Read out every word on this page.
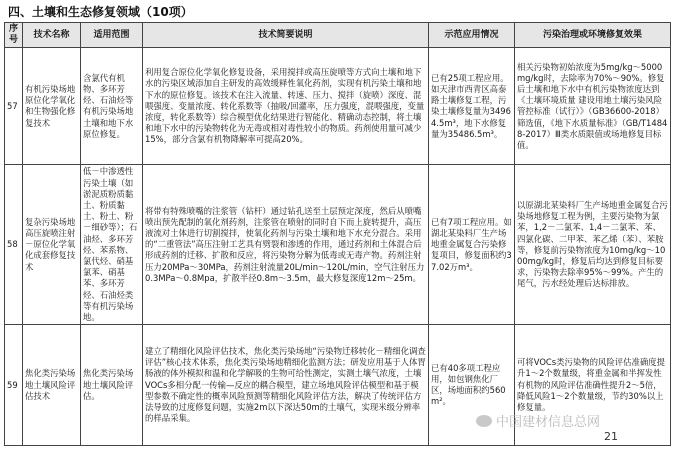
四、土壤和生态修复领域（10项）
序号	技术名称	适用范围	技术简要说明	示范应用情况	污染治理或环境修复效果
57	有机污染场地原位化学氧化和生物强化修复技术	含氯代有机物、多环芳烃、石油烃等有机污染场地土壤和地下水原位修复。	利用复合原位化学氧化修复设备，采用搅拌或高压旋喷等方式向土壤和地下水的污染区域添加自主研发的高效缓释性氧化药剂，实现有机污染土壤和地下水的原位修复。该技术在注入流量、转速、压力、搅拌（旋喷）深度、混喂强度、变量浓度、转化系数等（抽吸/回灌率，压力强度，混喂强度，变量浓度，转化系数等）综合模型优化结果进行智能化、精确动态控制，将土壤和地下水中的污染物转化为无毒或相对毒性较小的物质。药剂使用量可减少15%，部分含氯有机物降解率可提高20%。	已有25项工程应用。如天津市西青区高泰路土壤修复工程，污染土壤修复量为34964.5m³，地下水修复量为35486.5m³。	相关污染物初始浓度为5mg/kg～5000mg/kg时，去除率为70%～90%。修复后土壤和地下水中有机污染物浓度达到《土壤环境质量 建设用地土壤污染风险管控标准（试行）》（GB36600-2018）筛选值，《地下水质量标准》（GB/T14848-2017）Ⅲ类水质限值或场地修复目标值。
58	复杂污染场地高压旋喷注射－原位化学氧化成套修复技术	低－中渗透性污染土壤（如淤泥质粉质黏土、粉质黏土、粉土、粉－细砂等）；石油烃、多环芳烃、苯系物、氯代烃、硝基氯苯、硝基苯、多环芳烃、石油烃类等有机污染场地。	将带有特殊喷嘴的注浆管（钻杆）通过钻孔送至土层预定深度，然后从喷嘴喷出预先配制的氧化剂药剂，注浆管在喷射的同时自下而上旋转提升，高压液流对土体进行切割搅拌，使氧化药剂与污染土壤和地下水充分混合。采用的“二重管法”高压注射工艺具有劈裂和渗透的作用，通过药剂和土体混合后形成药剂的迁移、扩散和反应，将污染物分解为低毒或无毒产物。药剂注射压力20MPa～30MPa，药剂注射流量20L/min～120L/min，空气注射压力0.3MPa～0.8Mpa，扩散半径0.8m～3.5m，最大修复深度12m～25m。	已有7项工程应用。如湖北某染料厂生产场地重金属复合污染修复项目，修复面积约37.02万m³。	以原湖北某染料厂生产场地重金属复合污染场地修复工程为例，主要污染物为氯苯，1,2－二氯苯、1,4－二氯苯、苯、四氯化碳、二甲苯、苯乙烯（苯）、苯胺等，修复前污染物浓度为10mg/kg～1000mg/kg时，修复后均达到修复目标要求，污染物去除率95%～99%。产生的尾气，污水经处理后达标排放。
59	焦化类污染场地土壤风险评估技术	焦化类污染场地土壤风险评估。	建立了精细化风险评估技术，焦化类污染场地“污染物迁移转化－精细化调查评估”核心技术体系，焦化类污染场地精细化监测方法；研发应用基于人体胃肠液的体外模拟和温和化学解吸的生物可给性测定，实测土壤气浓度，土壤VOCs多相分配一传输—反应的耦合模型，建立场地风险评估模型和基于模型参数不确定性的概率风险预测等精细化风险评估方法，解决了传统评估方法导致的过度修复问题，实施2m以下深达50m的土壤气，实现米级分辨率的样品采集。	已有40多项工程应用，如包钢焦化厂区，场地面积约560m²。	可将VOCs类污染物的风险评估准确度提升1～2个数量级，将重金属和半挥发性有机物的风险评估准确性提升2～5倍，降低风险1～2个数量级，节约30%以上修复量。
中国建材信息总网
21
